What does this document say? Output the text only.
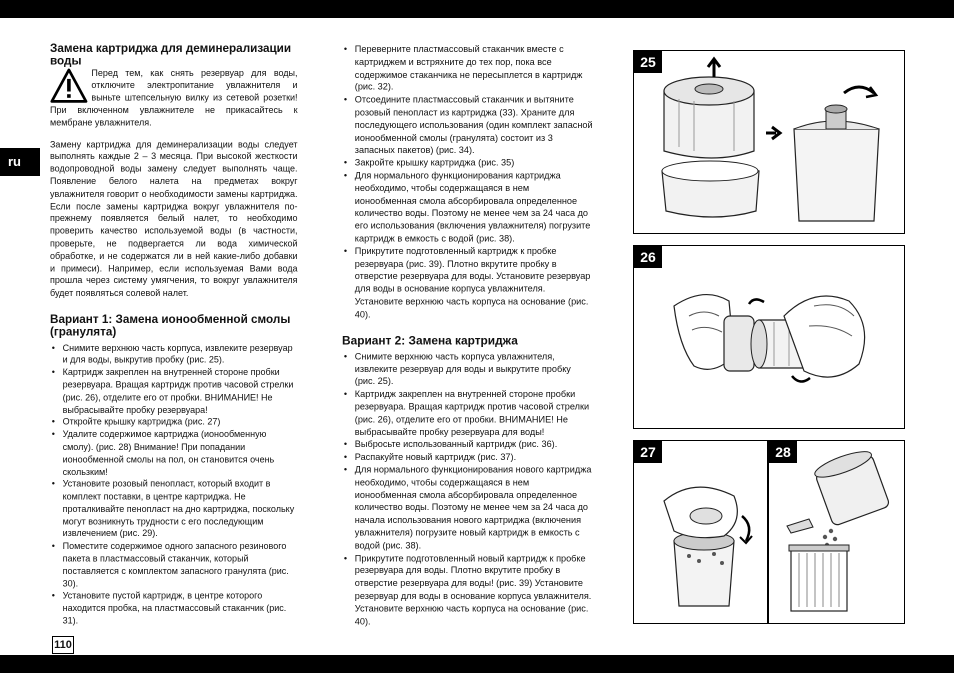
ru
Замена картриджа для деминерализации воды

Перед тем, как снять резервуар для воды, отключите электропитание увлажнителя и выньте штепсельную вилку из сетевой розетки! При включенном увлажнителе не прикасайтесь к мембране увлажнителя.

Замену картриджа для деминерализации воды следует выполнять каждые 2 – 3 месяца. При высокой жесткости водопроводной воды замену следует выполнять чаще. Появление белого налета на предметах вокруг увлажнителя говорит о необходимости замены картриджа. Если после замены картриджа вокруг увлажнителя по-прежнему появляется белый налет, то необходимо проверить качество используемой воды (в частности, проверьте, не подвергается ли вода химической обработке, и не содержатся ли в ней какие-либо добавки и примеси). Например, если используемая Вами вода прошла через систему умягчения, то вокруг увлажнителя будет появляться солевой налет.

Вариант 1: Замена ионообменной смолы (гранулята)
• Снимите верхнюю часть корпуса, извлеките резервуар и для воды, выкрутив пробку (рис. 25).
• Картридж закреплен на внутренней стороне пробки резервуара. Вращая картридж против часовой стрелки (рис. 26), отделите его от пробки. ВНИМАНИЕ! Не выбрасывайте пробку резервуара!
• Откройте крышку картриджа (рис. 27)
• Удалите содержимое картриджа (ионообменную смолу). (рис. 28) Внимание! При попадании ионообменной смолы на пол, он становится очень скользким!
• Установите розовый пенопласт, который входит в комплект поставки, в центре картриджа. Не проталкивайте пенопласт на дно картриджа, поскольку могут возникнуть трудности с его последующим извлечением (рис. 29).
• Поместите содержимое одного запасного резинового пакета в пластмассовый стаканчик, который поставляется с комплектом запасного гранулята (рис. 30).
• Установите пустой картридж, в центре которого находится пробка, на пластмассовый стаканчик (рис. 31).
• Переверните пластмассовый стаканчик вместе с картриджем и встряхните до тех пор, пока все содержимое стаканчика не пересыплется в картридж (рис. 32).
• Отсоедините пластмассовый стаканчик и вытяните розовый пенопласт из картриджа (33). Храните для последующего использования (один комплект запасной ионообменной смолы (гранулята) состоит из 3 запасных пакетов) (рис. 34).
• Закройте крышку картриджа (рис. 35)
• Для нормального функционирования картриджа необходимо, чтобы содержащаяся в нем ионообменная смола абсорбировала определенное количество воды. Поэтому не менее чем за 24 часа до его использования (включения увлажнителя) погрузите картридж в емкость с водой (рис. 38).
• Прикрутите подготовленный картридж к пробке резервуара (рис. 39). Плотно вкрутите пробку в отверстие резервуара для воды. Установите резервуар для воды в основание корпуса увлажнителя. Установите верхнюю часть корпуса на основание (рис. 40).
Вариант 2: Замена картриджа
• Снимите верхнюю часть корпуса увлажнителя, извлеките резервуар для воды и выкрутите пробку (рис. 25).
• Картридж закреплен на внутренней стороне пробки резервуара. Вращая картридж против часовой стрелки (рис. 26), отделите его от пробки. ВНИМАНИЕ! Не выбрасывайте пробку резервуара для воды!
• Выбросьте использованный картридж (рис. 36).
• Распакуйте новый картридж (рис. 37).
• Для нормального функционирования нового картриджа необходимо, чтобы содержащаяся в нем ионообменная смола абсорбировала определенное количество воды. Поэтому не менее чем за 24 часа до начала использования нового картриджа (включения увлажнителя) погрузите новый картридж в емкость с водой (рис. 38).
• Прикрутите подготовленный новый картридж к пробке резервуара для воды. Плотно вкрутите пробку в отверстие резервуара для воды! (рис. 39) Установите резервуар для воды в основание корпуса увлажнителя. Установите верхнюю часть корпуса на основание (рис. 40).
25
26
27	28
110
